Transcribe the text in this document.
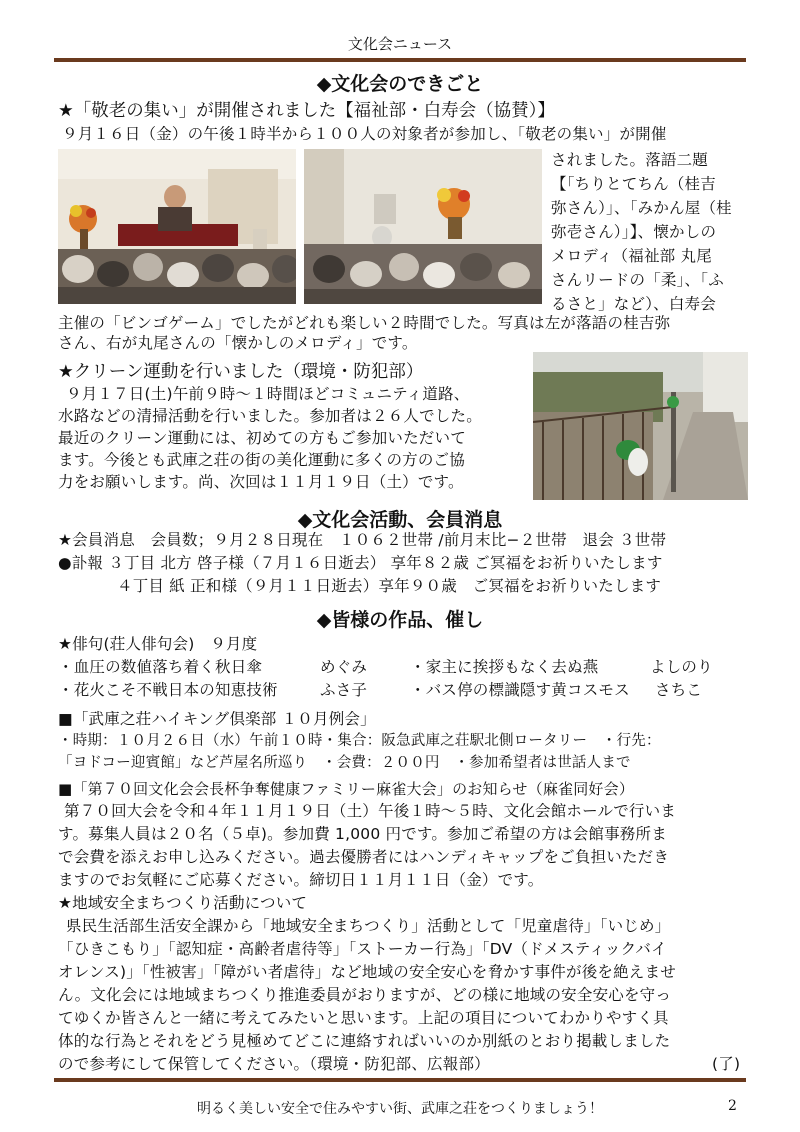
文化会ニュース
◆文化会のできごと
★「敬老の集い」が開催されました【福祉部・白寿会（協賛）】
９月１６日（金）の午後１時半から１００人の対象者が参加し、「敬老の集い」が開催
されました。落語二題
【「ちりとてちん（桂吉
弥さん）」、「みかん屋（桂
弥壱さん）」】、懐かしの
メロディ（福祉部 丸尾
さんリードの「柔」、「ふ
るさと」など）、白寿会
主催の「ビンゴゲーム」でしたがどれも楽しい２時間でした。写真は左が落語の桂吉弥
さん、右が丸尾さんの「懐かしのメロディ」です。
★クリーン運動を行いました（環境・防犯部）
９月１７日(土)午前９時～１時間ほどコミュニティ道路、
水路などの清掃活動を行いました。参加者は２６人でした。
最近のクリーン運動には、初めての方もご参加いただいて
ます。今後とも武庫之荘の街の美化運動に多くの方のご協
力をお願いします。尚、次回は１１月１９日（土）です。
◆文化会活動、会員消息
★会員消息　会員数；９月２８日現在　１０６２世帯 /前月末比−２世帯　退会 ３世帯
●訃報 ３丁目 北方 啓子様（７月１６日逝去） 享年８２歳 ご冥福をお祈りいたします
４丁目 紙 正和様（９月１１日逝去）享年９０歳　ご冥福をお祈りいたします
◆皆様の作品、催し
★俳句(荘人俳句会)　９月度
・血圧の数値落ち着く秋日傘	めぐみ	・家主に挨拶もなく去ぬ燕	よしのり
・花火こそ不戦日本の知恵技術	ふさ子	・バス停の標識隠す黄コスモス さちこ
■「武庫之荘ハイキング倶楽部 １０月例会」
・時期：１０月２６日（水）午前１０時・集合：阪急武庫之荘駅北側ロータリー　・行先：
「ヨドコー迎賓館」など芦屋名所巡り　・会費：２００円　・参加希望者は世話人まで
■「第７０回文化会会長杯争奪健康ファミリー麻雀大会」のお知らせ（麻雀同好会）
第７０回大会を令和４年１１月１９日（土）午後１時～５時、文化会館ホールで行いま
す。募集人員は２０名（５卓)。参加費 1,000 円です。参加ご希望の方は会館事務所ま
で会費を添えお申し込みください。過去優勝者にはハンディキャップをご負担いただき
ますのでお気軽にご応募ください。締切日１１月１１日（金）です。
★地域安全まちつくり活動について
県民生活部生活安全課から「地域安全まちつくり」活動として「児童虐待」「いじめ」
「ひきこもり」「認知症・高齢者虐待等」「ストーカー行為」「DV（ドメスティックバイ
オレンス)」「性被害」「障がい者虐待」など地域の安全安心を脅かす事件が後を絶えませ
ん。文化会には地域まちつくり推進委員がおりますが、どの様に地域の安全安心を守っ
てゆくか皆さんと一緒に考えてみたいと思います。上記の項目についてわかりやすく具
体的な行為とそれをどう見極めてどこに連絡すればいいのか別紙のとおり掲載しました
ので参考にして保管してください。（環境・防犯部、広報部）	(了)
明るく美しい安全で住みやすい街、武庫之荘をつくりましょう！	2
